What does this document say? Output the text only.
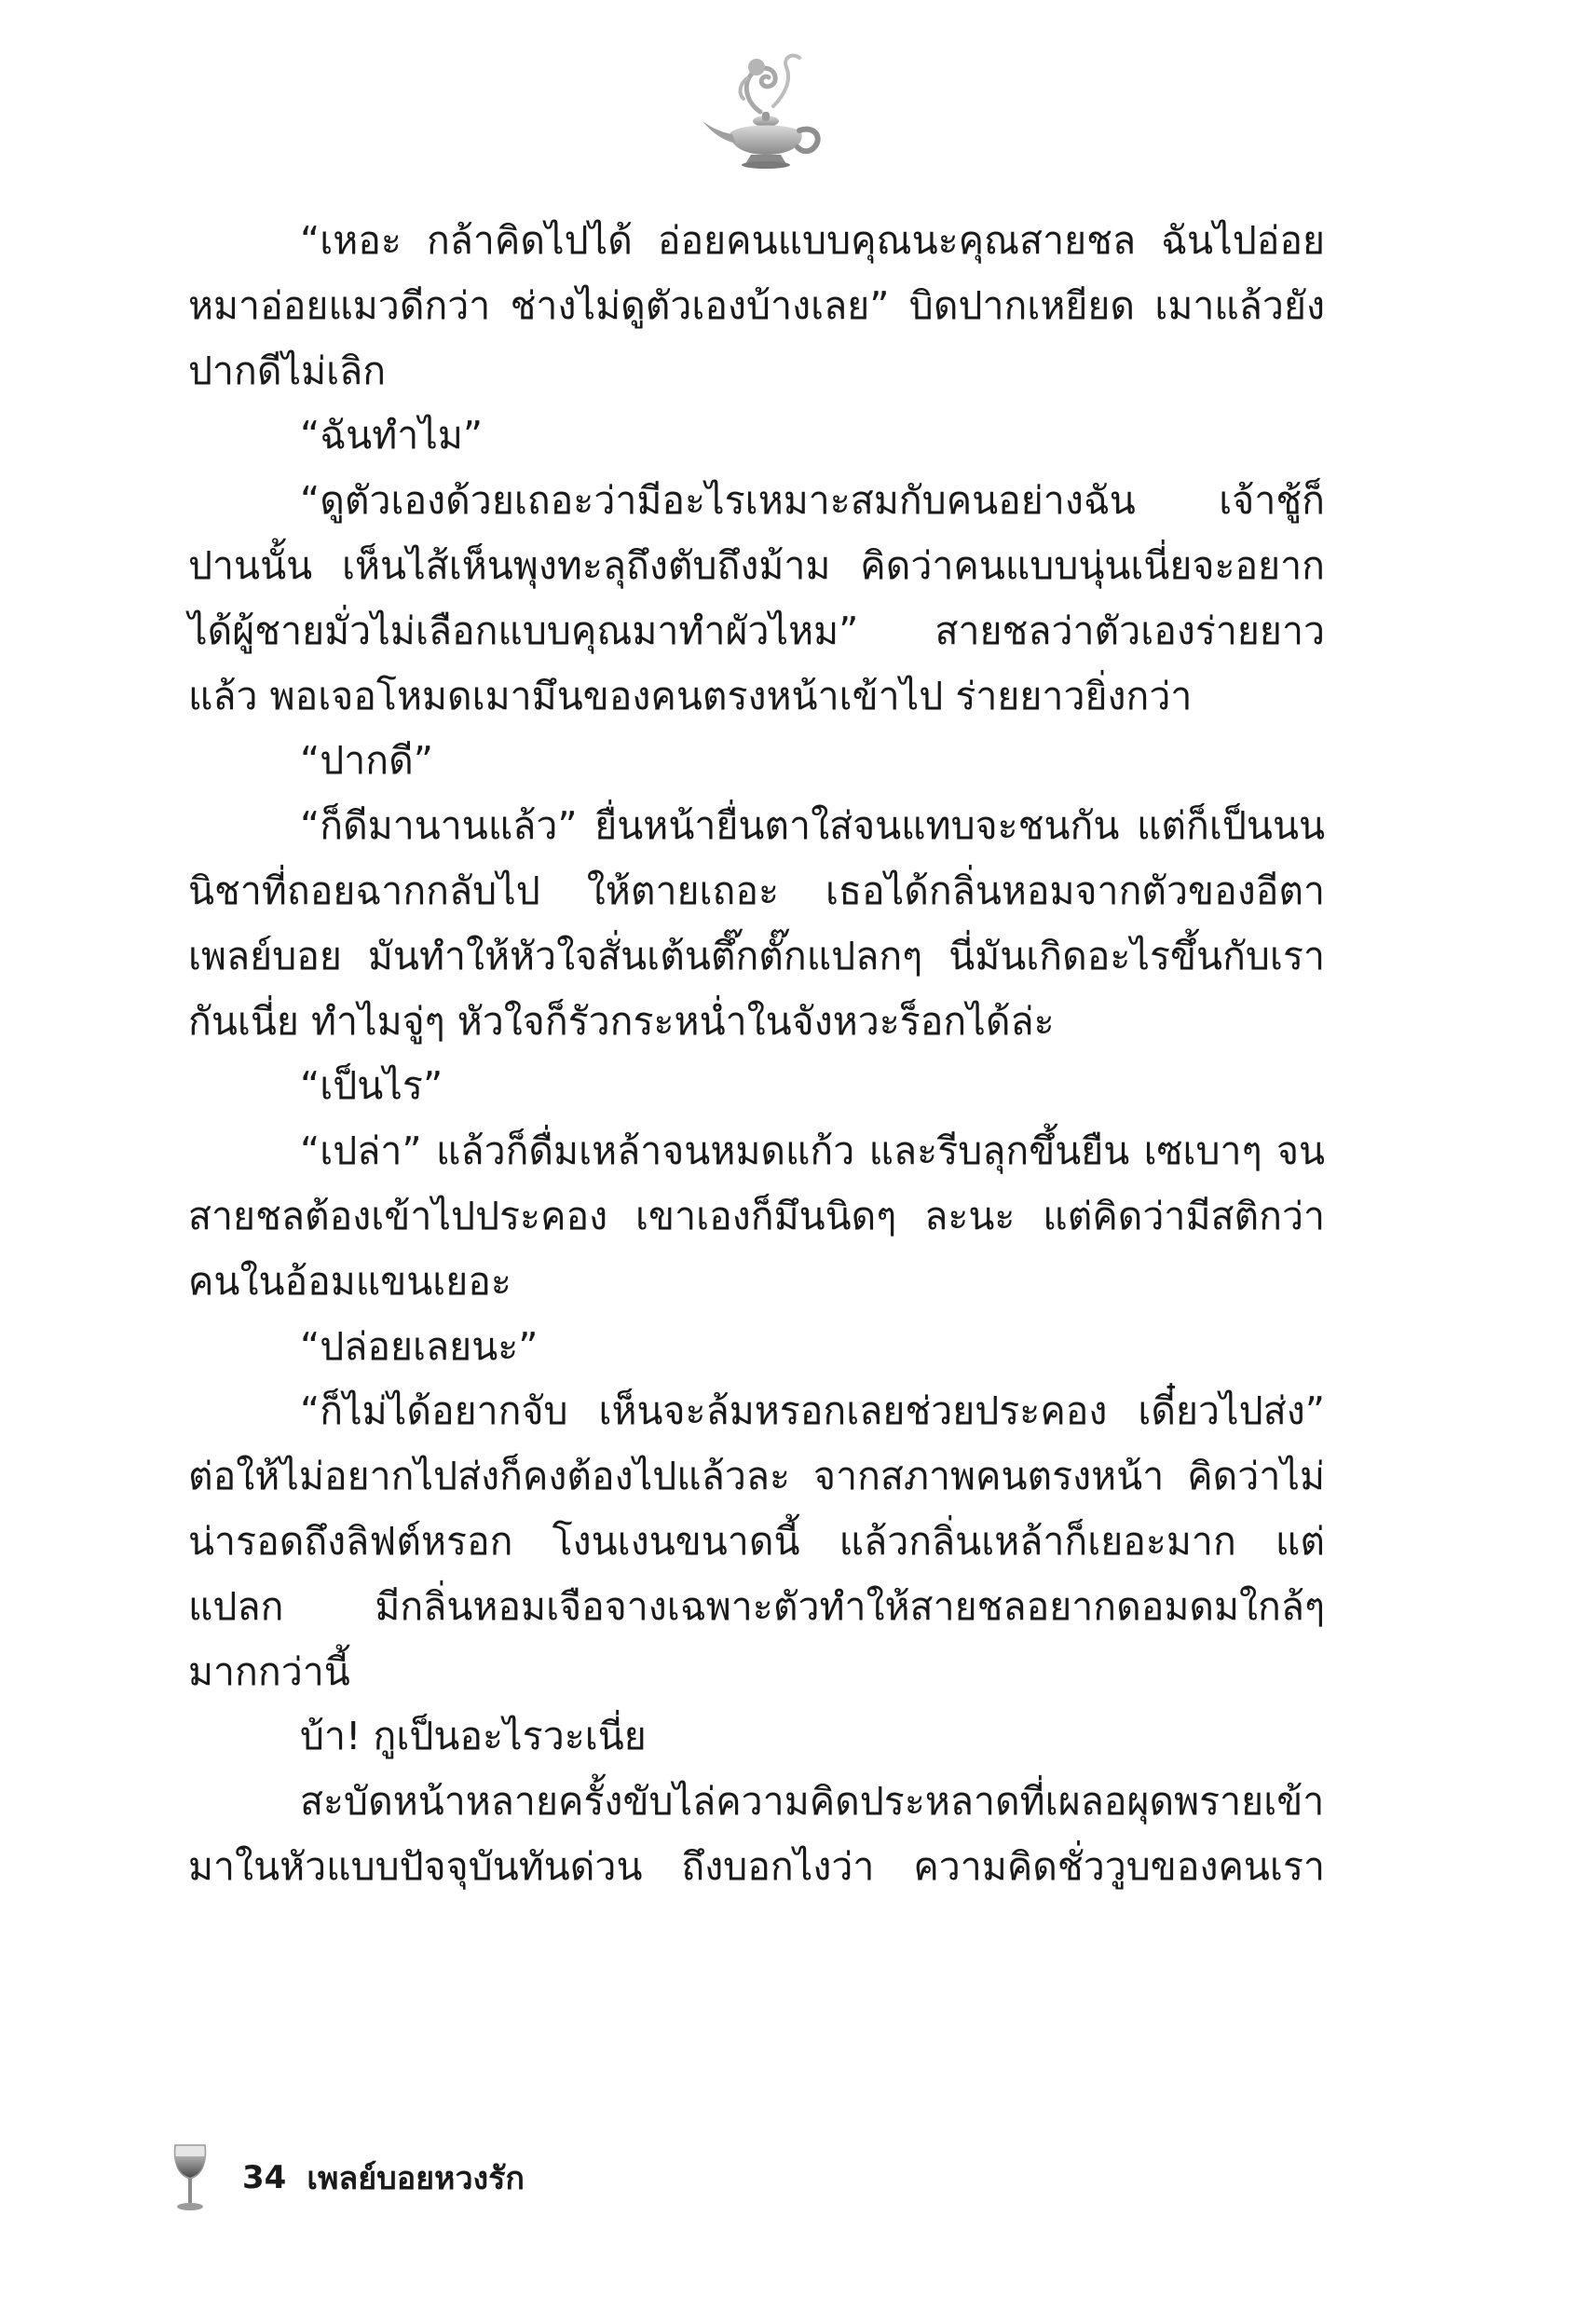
“เหอะ กล้าคิดไปได้ อ่อยคนแบบคุณนะคุณสายชล ฉันไปอ่อยหมาอ่อยแมวดีกว่า ช่างไม่ดูตัวเองบ้างเลย” บิดปากเหยียด เมาแล้วยังปากดีไม่เลิก

“ฉันทำไม”

“ดูตัวเองด้วยเถอะว่ามีอะไรเหมาะสมกับคนอย่างฉัน เจ้าชู้ก็ปานนั้น เห็นไส้เห็นพุงทะลุถึงตับถึงม้าม คิดว่าคนแบบนุ่นเนี่ยจะอยากได้ผู้ชายมั่วไม่เลือกแบบคุณมาทำผัวไหม” สายชลว่าตัวเองร่ายยาวแล้ว พอเจอโหมดเมามึนของคนตรงหน้าเข้าไป ร่ายยาวยิ่งกว่า

“ปากดี”

“ก็ดีมานานแล้ว” ยื่นหน้ายื่นตาใส่จนแทบจะชนกัน แต่ก็เป็นนนนิชาที่ถอยฉากกลับไป ให้ตายเถอะ เธอได้กลิ่นหอมจากตัวของอีตาเพลย์บอย มันทำให้หัวใจสั่นเต้นตึ๊กตั๊กแปลกๆ นี่มันเกิดอะไรขึ้นกับเรากันเนี่ย ทำไมจู่ๆ หัวใจก็รัวกระหน่ำในจังหวะร็อกได้ล่ะ

“เป็นไร”

“เปล่า” แล้วก็ดื่มเหล้าจนหมดแก้ว และรีบลุกขึ้นยืน เซเบาๆ จนสายชลต้องเข้าไปประคอง เขาเองก็มึนนิดๆ ละนะ แต่คิดว่ามีสติกว่าคนในอ้อมแขนเยอะ

“ปล่อยเลยนะ”

“ก็ไม่ได้อยากจับ เห็นจะล้มหรอกเลยช่วยประคอง เดี๋ยวไปส่ง” ต่อให้ไม่อยากไปส่งก็คงต้องไปแล้วละ จากสภาพคนตรงหน้า คิดว่าไม่น่ารอดถึงลิฟต์หรอก โงนเงนขนาดนี้ แล้วกลิ่นเหล้าก็เยอะมาก แต่แปลก มีกลิ่นหอมเจือจางเฉพาะตัวทำให้สายชลอยากดอมดมใกล้ๆ มากกว่านี้

บ้า! กูเป็นอะไรวะเนี่ย

สะบัดหน้าหลายครั้งขับไล่ความคิดประหลาดที่เผลอผุดพรายเข้ามาในหัวแบบปัจจุบันทันด่วน ถึงบอกไงว่า ความคิดชั่ววูบของคนเรา

34 เพลย์บอยหวงรัก
